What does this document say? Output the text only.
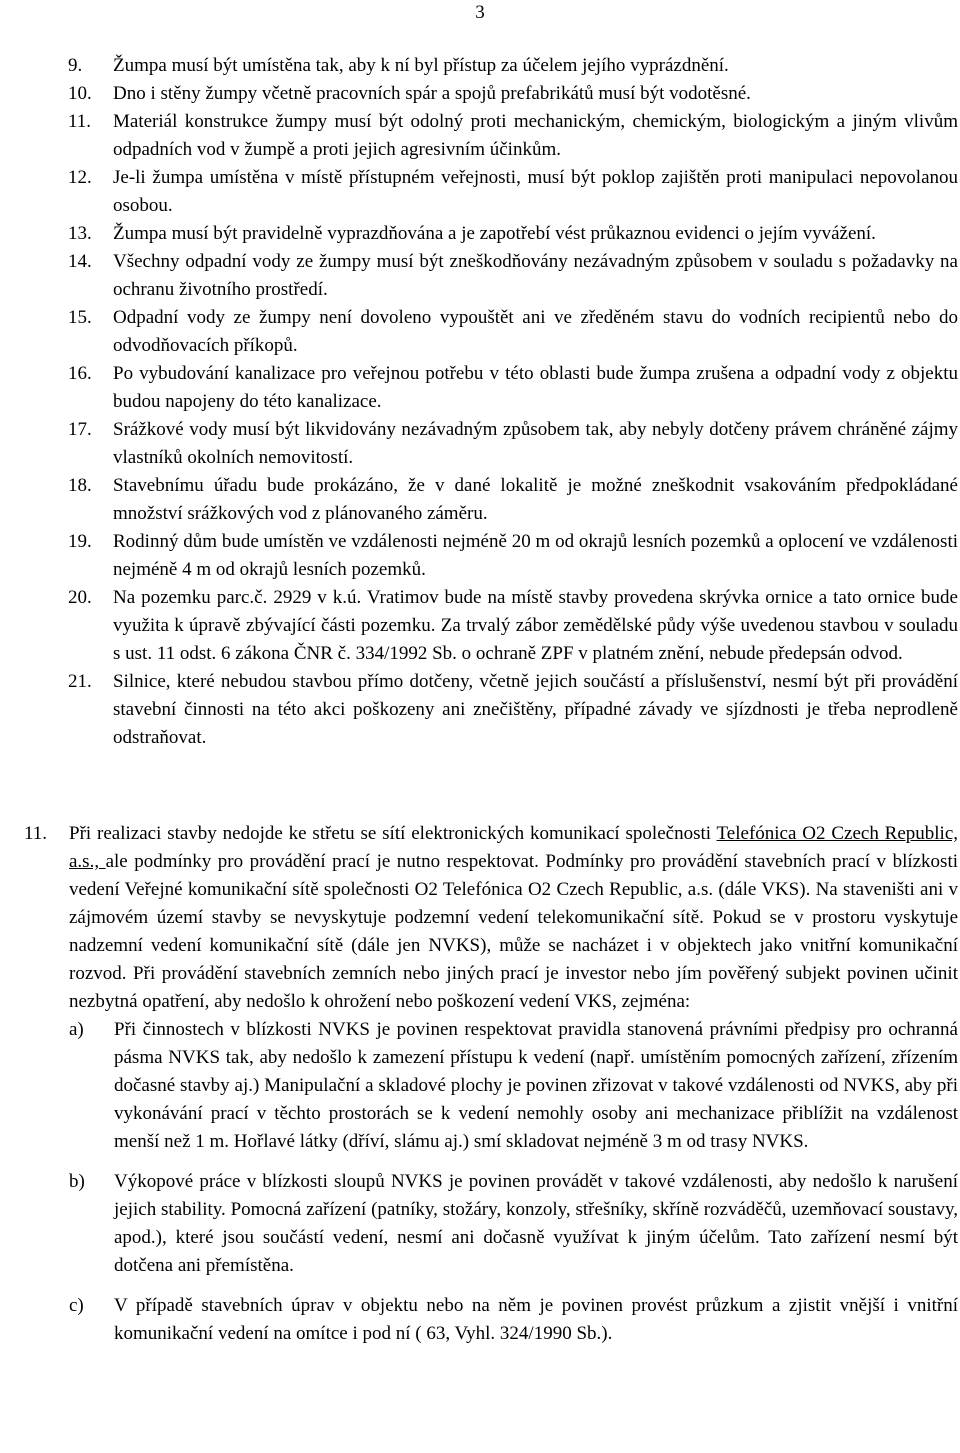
3
9.	Žumpa musí být umístěna tak, aby k ní byl přístup za účelem jejího vyprázdnění.
10.	Dno i stěny žumpy včetně pracovních spár a spojů prefabrikátů musí být vodotěsné.
11.	Materiál konstrukce žumpy musí být odolný proti mechanickým, chemickým, biologickým a jiným vlivům odpadních vod v žumpě a proti jejich agresivním účinkům.
12.	Je-li žumpa umístěna v místě přístupném veřejnosti, musí být poklop zajištěn proti manipulaci nepovolanou osobou.
13.	Žumpa musí být pravidelně vyprazdňována a je zapotřebí vést průkaznou evidenci o jejím vyvážení.
14.	Všechny odpadní vody ze žumpy musí být zneškodňovány nezávadným způsobem v souladu s požadavky na ochranu životního prostředí.
15.	Odpadní vody ze žumpy není dovoleno vypouštět ani ve zředěném stavu do vodních recipientů nebo do odvodňovacích příkopů.
16.	Po vybudování kanalizace pro veřejnou potřebu v této oblasti bude žumpa zrušena a odpadní vody z objektu budou napojeny do této kanalizace.
17.	Srážkové vody musí být likvidovány nezávadným způsobem tak, aby nebyly dotčeny právem chráněné zájmy vlastníků okolních nemovitostí.
18.	Stavebnímu úřadu bude prokázáno, že v dané lokalitě je možné zneškodnit vsakováním předpokládané množství srážkových vod z plánovaného záměru.
19.	Rodinný dům bude umístěn ve vzdálenosti nejméně 20 m od okrajů lesních pozemků a oplocení ve vzdálenosti nejméně 4 m od okrajů lesních pozemků.
20.	Na pozemku parc.č. 2929 v k.ú. Vratimov bude na místě stavby provedena skrývka ornice a tato ornice bude využita k úpravě zbývající části pozemku. Za trvalý zábor zemědělské půdy výše uvedenou stavbou v souladu s ust. 11 odst. 6 zákona ČNR č. 334/1992 Sb. o ochraně ZPF v platném znění, nebude předepsán odvod.
21.	Silnice, které nebudou stavbou přímo dotčeny, včetně jejich součástí a příslušenství, nesmí být při provádění stavební činnosti na této akci poškozeny ani znečištěny, případné závady ve sjízdnosti je třeba neprodleně odstraňovat.
11.	Při realizaci stavby nedojde ke střetu se sítí elektronických komunikací společnosti Telefónica O2 Czech Republic, a.s., ale podmínky pro provádění prací je nutno respektovat. Podmínky pro provádění stavebních prací v blízkosti vedení Veřejné komunikační sítě společnosti O2 Telefónica O2 Czech Republic, a.s. (dále VKS). Na staveništi ani v zájmovém území stavby se nevyskytuje podzemní vedení telekomunikační sítě. Pokud se v prostoru vyskytuje nadzemní vedení komunikační sítě (dále jen NVKS), může se nacházet i v objektech jako vnitřní komunikační rozvod. Při provádění stavebních zemních nebo jiných prací je investor nebo jím pověřený subjekt povinen učinit nezbytná opatření, aby nedošlo k ohrožení nebo poškození vedení VKS, zejména:
a)	Při činnostech v blízkosti NVKS je povinen respektovat pravidla stanovená právními předpisy pro ochranná pásma NVKS tak, aby nedošlo k zamezení přístupu k vedení (např. umístěním pomocných zařízení, zřízením dočasné stavby aj.) Manipulační a skladové plochy je povinen zřizovat v takové vzdálenosti od NVKS, aby při vykonávání prací v těchto prostorách se k vedení nemohly osoby ani mechanizace přiblížit na vzdálenost menší než 1 m. Hořlavé látky (dříví, slámu aj.) smí skladovat nejméně 3 m od trasy NVKS.
b)	Výkopové práce v blízkosti sloupů NVKS je povinen provádět v takové vzdálenosti, aby nedošlo k narušení jejich stability. Pomocná zařízení (patníky, stožáry, konzoly, střešníky, skříně rozváděčů, uzemňovací soustavy, apod.), které jsou součástí vedení, nesmí ani dočasně využívat k jiným účelům. Tato zařízení nesmí být dotčena ani přemístěna.
c)	V případě stavebních úprav v objektu nebo na něm je povinen provést průzkum a zjistit vnější i vnitřní komunikační vedení na omítce i pod ní ( 63, Vyhl. 324/1990 Sb.).
